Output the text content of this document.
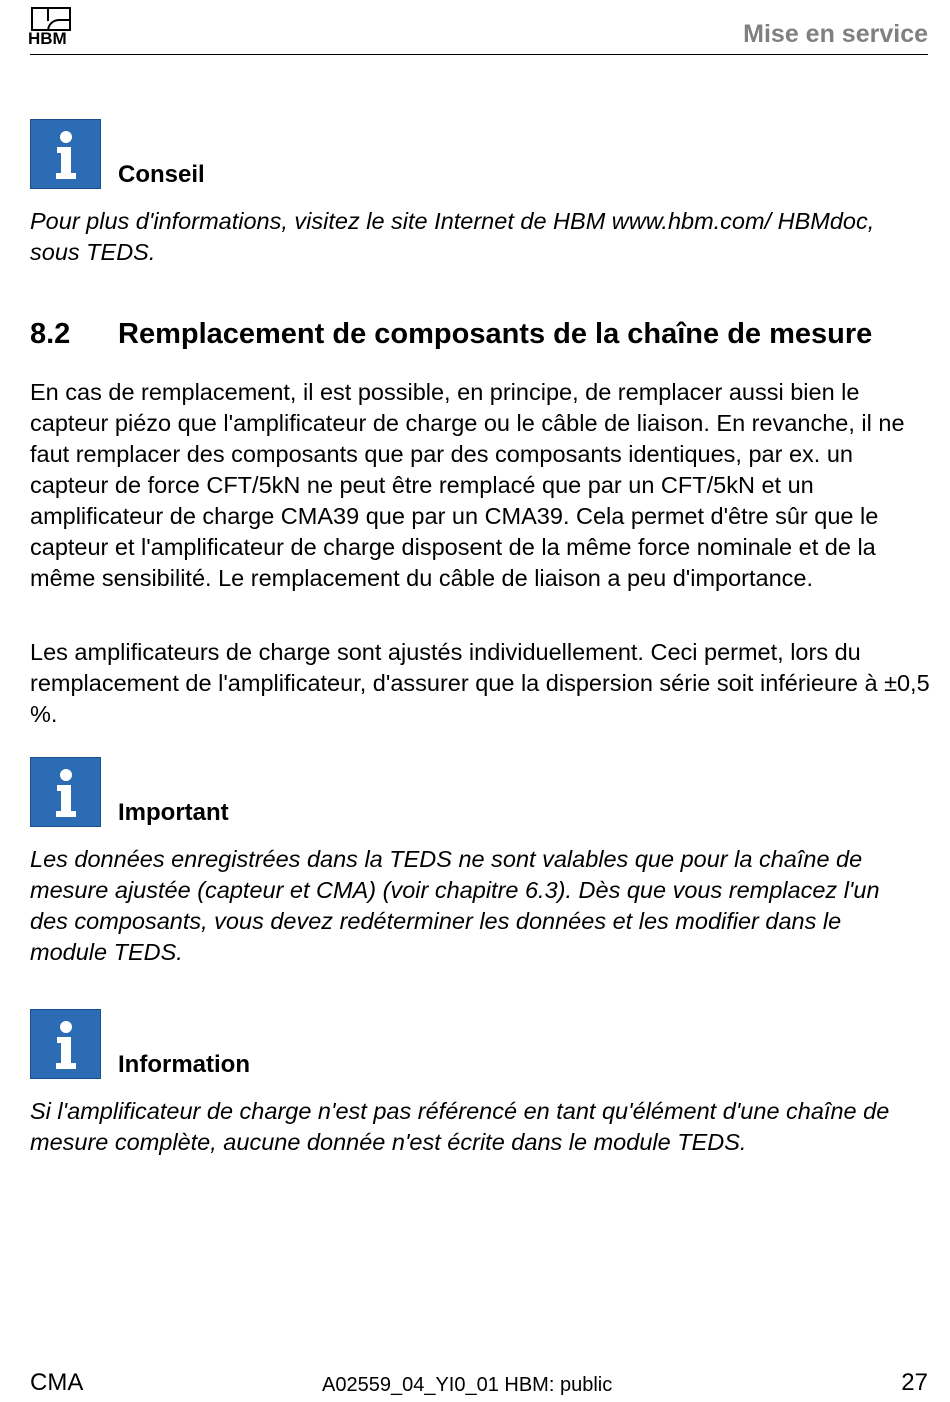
HBM	Mise en service
Conseil

Pour plus d'informations, visitez le site Internet de HBM www.hbm.com/ HBMdoc, sous TEDS.

8.2 Remplacement de composants de la chaîne de mesure

En cas de remplacement, il est possible, en principe, de remplacer aussi bien le capteur piézo que l'amplificateur de charge ou le câble de liaison. En revanche, il ne faut remplacer des composants que par des composants identiques, par ex. un capteur de force CFT/5kN ne peut être remplacé que par un CFT/5kN et un amplificateur de charge CMA39 que par un CMA39. Cela permet d'être sûr que le capteur et l'amplificateur de charge disposent de la même force nominale et de la même sensibilité. Le remplacement du câble de liaison a peu d'importance.

Les amplificateurs de charge sont ajustés individuellement. Ceci permet, lors du remplacement de l'amplificateur, d'assurer que la dispersion série soit inférieure à ±0,5 %.

Important

Les données enregistrées dans la TEDS ne sont valables que pour la chaîne de mesure ajustée (capteur et CMA) (voir chapitre 6.3). Dès que vous remplacez l'un des composants, vous devez redéterminer les données et les modifier dans le module TEDS.

Information

Si l'amplificateur de charge n'est pas référencé en tant qu'élément d'une chaîne de mesure complète, aucune donnée n'est écrite dans le module TEDS.

CMA	A02559_04_YI0_01 HBM: public	27
